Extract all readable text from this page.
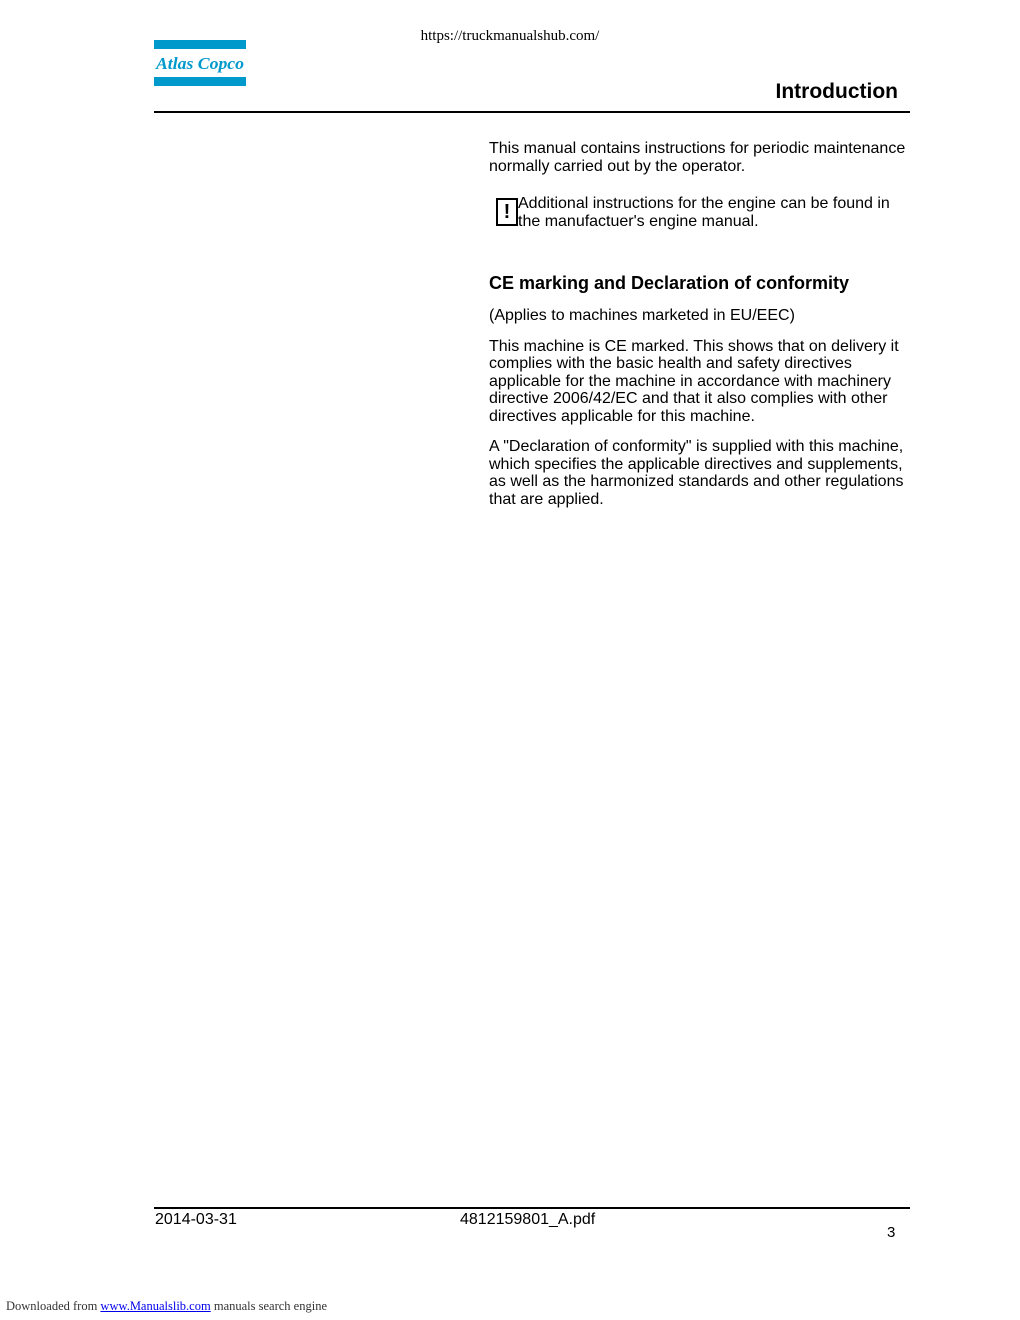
https://truckmanualshub.com/
Atlas Copco
Introduction

This manual contains instructions for periodic maintenance normally carried out by the operator.

! Additional instructions for the engine can be found in the manufactuer's engine manual.

CE marking and Declaration of conformity

(Applies to machines marketed in EU/EEC)

This machine is CE marked. This shows that on delivery it complies with the basic health and safety directives applicable for the machine in accordance with machinery directive 2006/42/EC and that it also complies with other directives applicable for this machine.

A "Declaration of conformity" is supplied with this machine, which specifies the applicable directives and supplements, as well as the harmonized standards and other regulations that are applied.

2014-03-31	4812159801_A.pdf
3
Downloaded from www.Manualslib.com manuals search engine
